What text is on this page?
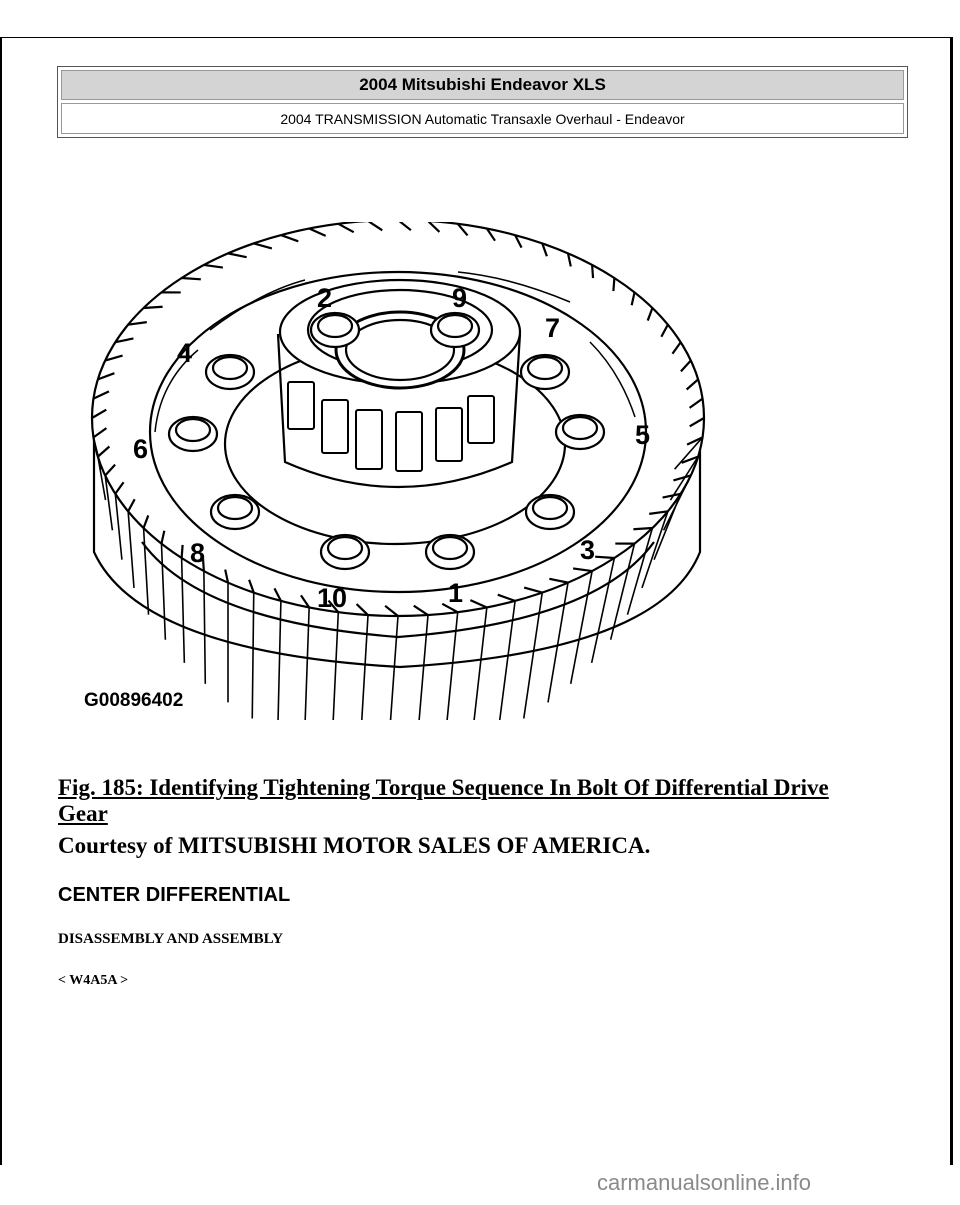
2004 Mitsubishi Endeavor XLS
2004 TRANSMISSION Automatic Transaxle Overhaul - Endeavor
2	9
7
4
5
6
3
8
10	1
G00896402
Fig. 185: Identifying Tightening Torque Sequence In Bolt Of Differential Drive
Gear
Courtesy of MITSUBISHI MOTOR SALES OF AMERICA.
CENTER DIFFERENTIAL
DISASSEMBLY AND ASSEMBLY
< W4A5A >
carmanualsonline.info
